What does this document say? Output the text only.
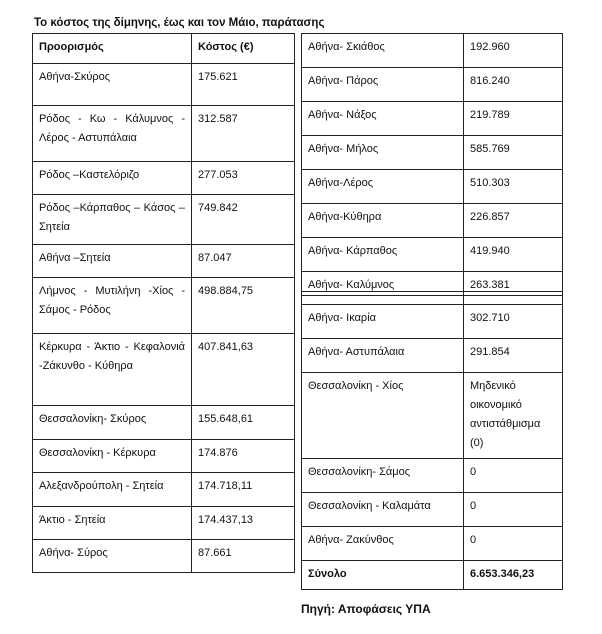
Το κόστος της δίμηνης, έως και τον Μάιο, παράτασης
Προορισμός	Κόστος (€)
Αθήνα-Σκύρος	175.621
Ρόδος - Κω - Κάλυμνος - Λέρος - Αστυπάλαια	312.587
Ρόδος –Καστελόριζο	277.053
Ρόδος –Κάρπαθος – Κάσος – Σητεία	749.842
Αθήνα –Σητεία	87.047
Λήμνος - Μυτιλήνη -Χίος - Σάμος - Ρόδος	498.884,75
Κέρκυρα - Άκτιο - Κεφαλονιά -Ζάκυνθο - Κύθηρα	407.841,63
Θεσσαλονίκη- Σκύρος	155.648,61
Θεσσαλονίκη - Κέρκυρα	174.876
Αλεξανδρούπολη - Σητεία	174.718,11
Άκτιο - Σητεία	174.437,13
Αθήνα- Σύρος	87.661
Αθήνα- Σκιάθος	192.960
Αθήνα- Πάρος	816.240
Αθήνα- Νάξος	219.789
Αθήνα- Μήλος	585.769
Αθήνα-Λέρος	510.303
Αθήνα-Κύθηρα	226.857
Αθήνα- Κάρπαθος	419.940
Αθήνα- Καλύμνος	263.381

Αθήνα- Ικαρία	302.710
Αθήνα- Αστυπάλαια	291.854
Θεσσαλονίκη - Χίος	Μηδενικό οικονομικό αντιστάθμισμα (0)
Θεσσαλονίκη- Σάμος	0
Θεσσαλονίκη - Καλαμάτα	0
Αθήνα- Ζακύνθος	0
Σύνολο	6.653.346,23
Πηγή: Αποφάσεις ΥΠΑ
